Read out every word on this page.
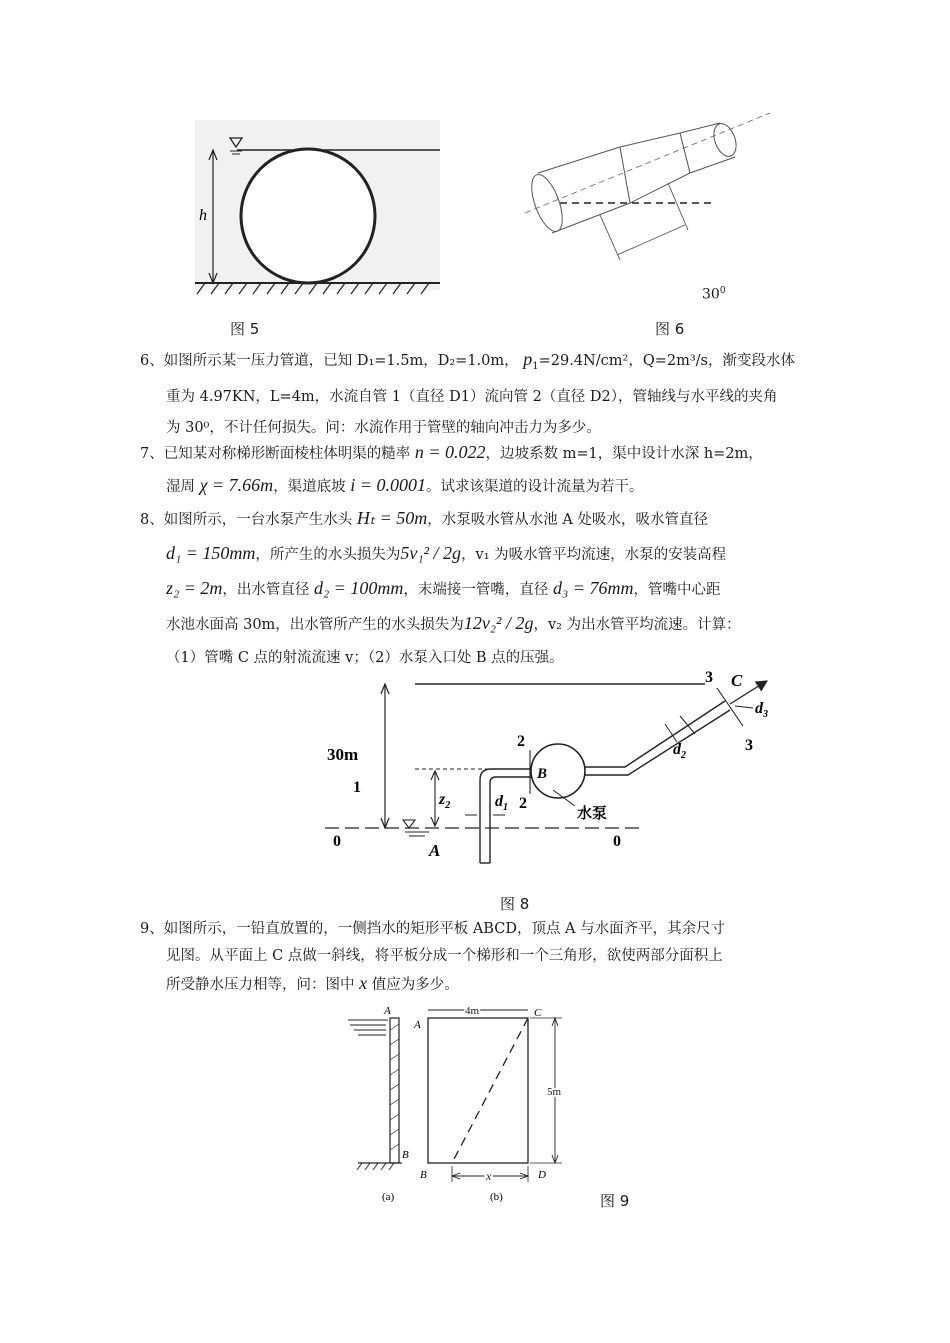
h
图 5
$30^0$
图 6

6、如图所示某一压力管道，已知 D₁=1.5m，D₂=1.0m， $p_1=29.4N$/cm²，Q=2m³/s，渐变段水体

重为 4.97KN，L=4m，水流自管 1（直径 D1）流向管 2（直径 D2），管轴线与水平线的夹角

为 30⁰，不计任何损失。问：水流作用于管壁的轴向冲击力为多少。

7、已知某对称梯形断面棱柱体明渠的糙率 n = 0.022，边坡系数 m=1，渠中设计水深 h=2m，

湿周 χ = 7.66m，渠道底坡 i = 0.0001。试求该渠道的设计流量为若干。

8、如图所示，一台水泵产生水头 Hₜ = 50m，水泵吸水管从水池 A 处吸水，吸水管直径

d₁ = 150mm，所产生的水头损失为5v₁² / 2g，v₁ 为吸水管平均流速，水泵的安装高程

z₂ = 2m，出水管直径 d₂ = 100mm，末端接一管嘴，直径 d₃ = 76mm，管嘴中心距

水池水面高 30m，出水管所产生的水头损失为12v₂² / 2g，v₂ 为出水管平均流速。计算：

（1）管嘴 C 点的射流流速 v；（2）水泵入口处 B 点的压强。

30m
1
0	0
A
$z_2$	$d_1$
2
2
B
水泵
$d_2$
3
3
C
$d_3$
图 8

9、如图所示，一铅直放置的，一侧挡水的矩形平板 ABCD，顶点 A 与水面齐平，其余尺寸

见图。从平面上 C 点做一斜线，将平板分成一个梯形和一个三角形，欲使两部分面积上

所受静水压力相等，问：图中 x 值应为多少。

A
B
(a)
A
C
B	D
4m
5m
x
(b)	图 9
